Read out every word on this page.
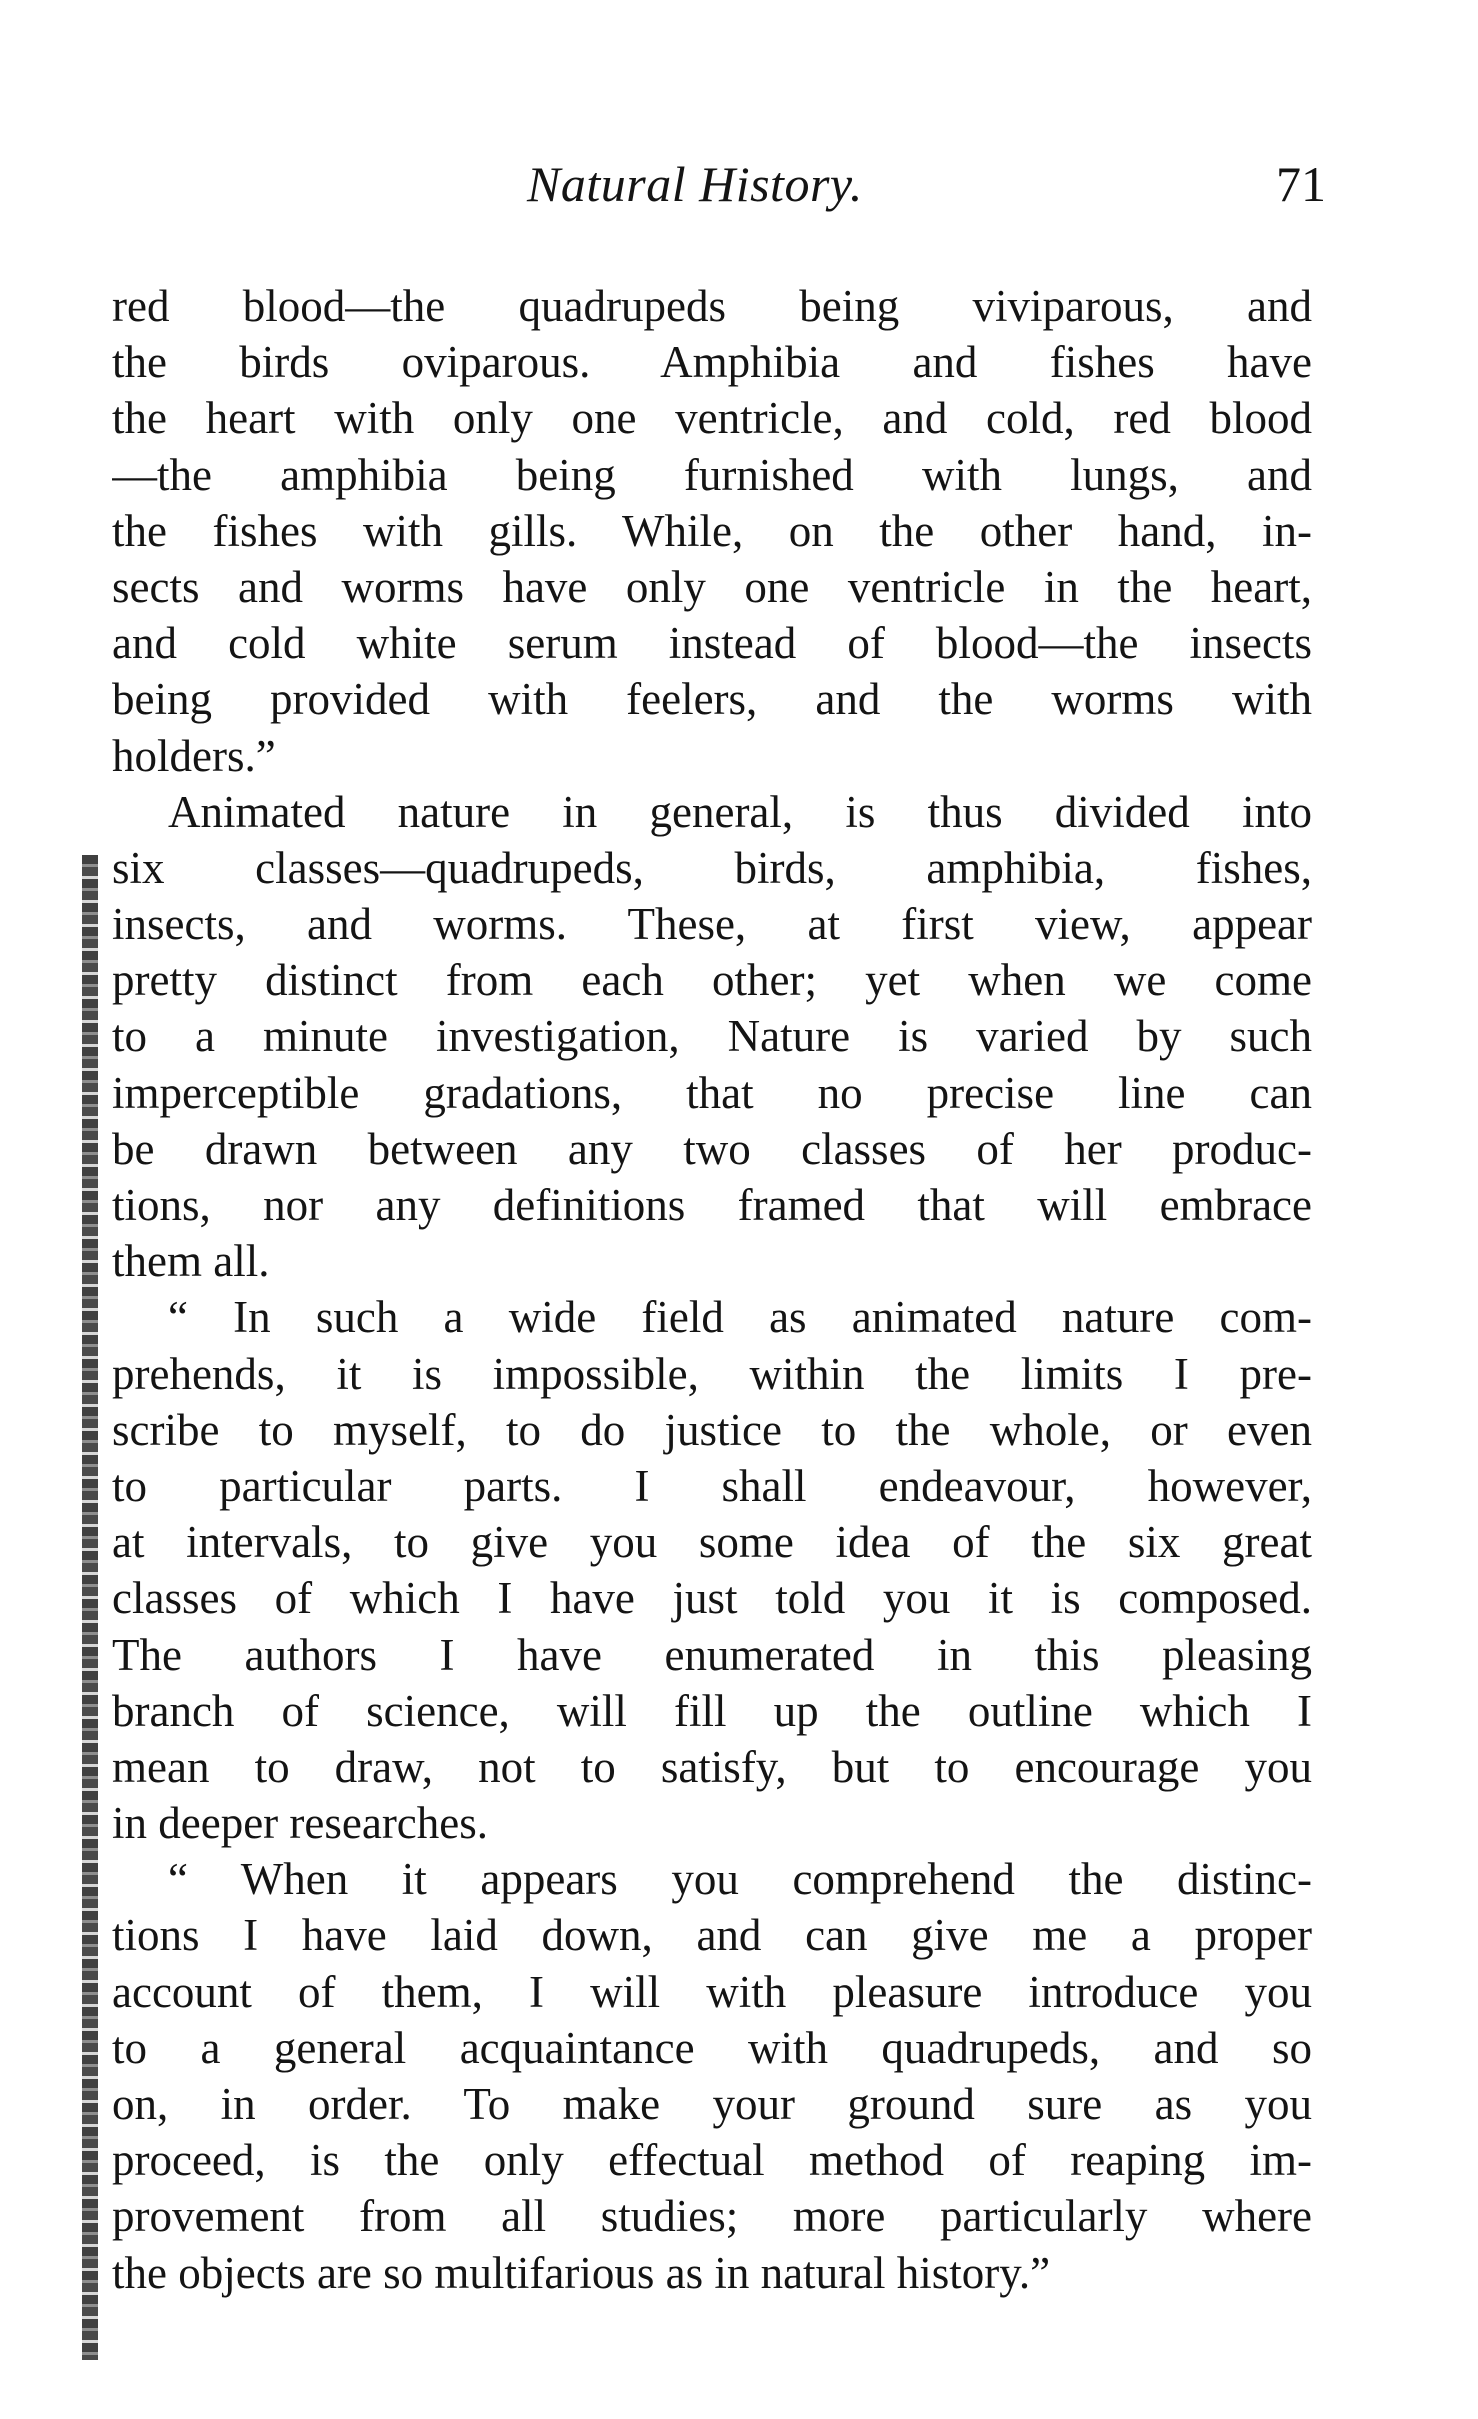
Natural History.	71
red blood—the quadrupeds being viviparous, and
the birds oviparous. Amphibia and fishes have
the heart with only one ventricle, and cold, red blood
—the amphibia being furnished with lungs, and
the fishes with gills. While, on the other hand, in-
sects and worms have only one ventricle in the heart,
and cold white serum instead of blood—the insects
being provided with feelers, and the worms with
holders.”
Animated nature in general, is thus divided into
six classes—quadrupeds, birds, amphibia, fishes,
insects, and worms. These, at first view, appear
pretty distinct from each other; yet when we come
to a minute investigation, Nature is varied by such
imperceptible gradations, that no precise line can
be drawn between any two classes of her produc-
tions, nor any definitions framed that will embrace
them all.
“ In such a wide field as animated nature com-
prehends, it is impossible, within the limits I pre-
scribe to myself, to do justice to the whole, or even
to particular parts. I shall endeavour, however,
at intervals, to give you some idea of the six great
classes of which I have just told you it is composed.
The authors I have enumerated in this pleasing
branch of science, will fill up the outline which I
mean to draw, not to satisfy, but to encourage you
in deeper researches.
“ When it appears you comprehend the distinc-
tions I have laid down, and can give me a proper
account of them, I will with pleasure introduce you
to a general acquaintance with quadrupeds, and so
on, in order. To make your ground sure as you
proceed, is the only effectual method of reaping im-
provement from all studies; more particularly where
the objects are so multifarious as in natural history.”
